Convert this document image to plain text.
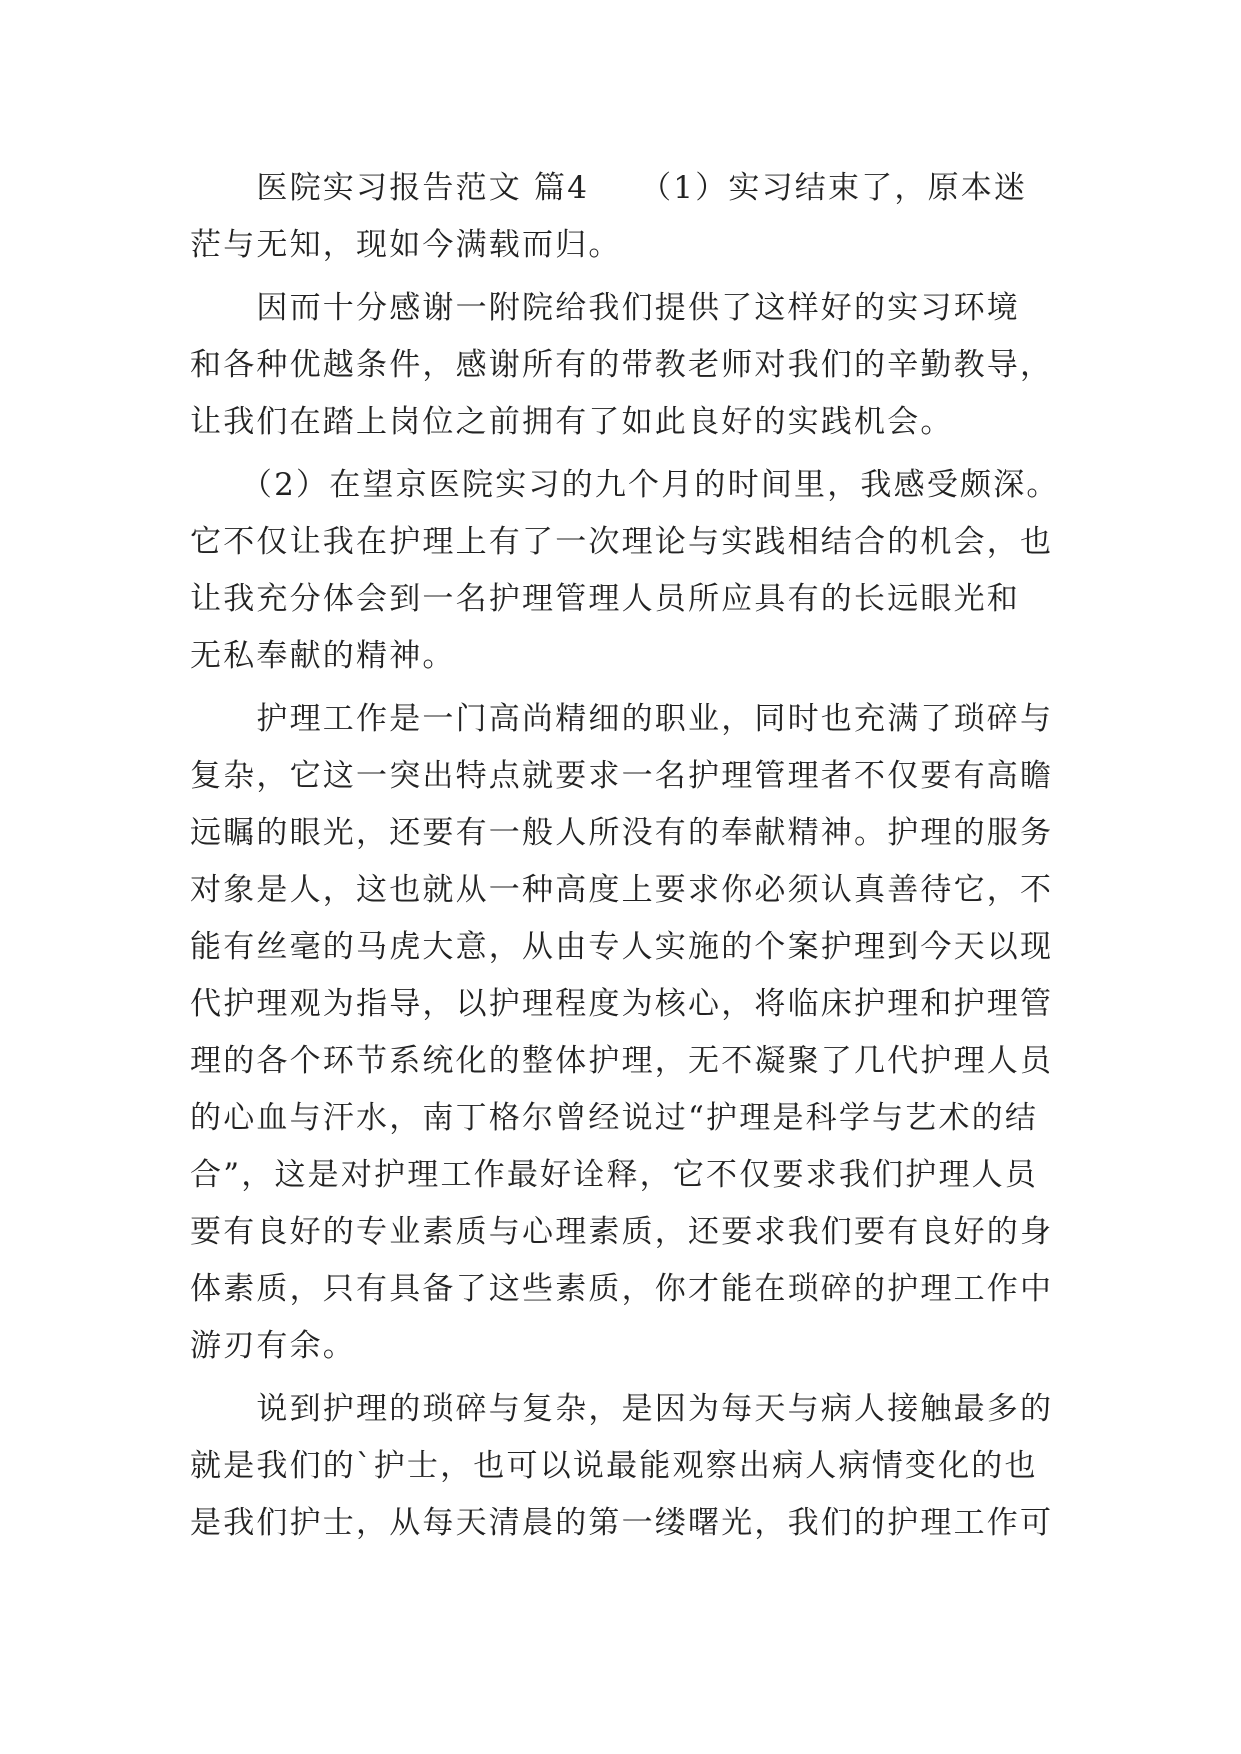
　　医院实习报告范文 篇4　　（1）实习结束了，原本迷

茫与无知，现如今满载而归。

　　因而十分感谢一附院给我们提供了这样好的实习环境

和各种优越条件，感谢所有的带教老师对我们的辛勤教导，

让我们在踏上岗位之前拥有了如此良好的实践机会。

　　（2）在望京医院实习的九个月的时间里，我感受颇深。

它不仅让我在护理上有了一次理论与实践相结合的机会，也

让我充分体会到一名护理管理人员所应具有的长远眼光和

无私奉献的精神。

　　护理工作是一门高尚精细的职业，同时也充满了琐碎与

复杂，它这一突出特点就要求一名护理管理者不仅要有高瞻

远瞩的眼光，还要有一般人所没有的奉献精神。护理的服务

对象是人，这也就从一种高度上要求你必须认真善待它，不

能有丝毫的马虎大意，从由专人实施的个案护理到今天以现

代护理观为指导，以护理程度为核心，将临床护理和护理管

理的各个环节系统化的整体护理，无不凝聚了几代护理人员

的心血与汗水，南丁格尔曾经说过“护理是科学与艺术的结

合”，这是对护理工作最好诠释，它不仅要求我们护理人员

要有良好的专业素质与心理素质，还要求我们要有良好的身

体素质，只有具备了这些素质，你才能在琐碎的护理工作中

游刃有余。

　　说到护理的琐碎与复杂，是因为每天与病人接触最多的

就是我们的`护士，也可以说最能观察出病人病情变化的也

是我们护士，从每天清晨的第一缕曙光，我们的护理工作可
